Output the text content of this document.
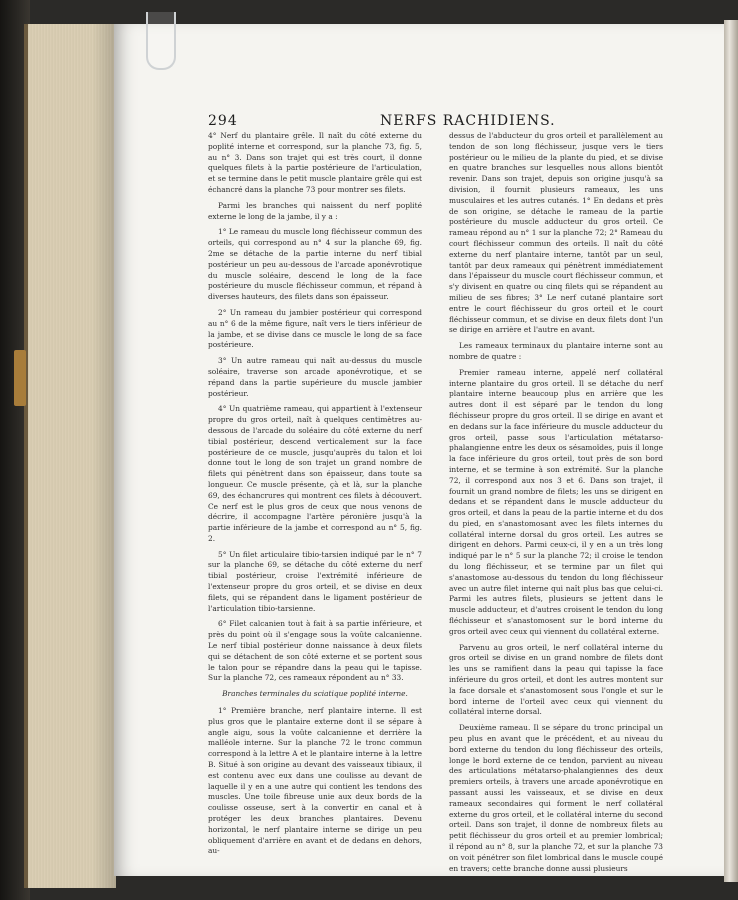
294	NERFS RACHIDIENS.

4° Nerf du plantaire grêle. Il naît du côté externe du poplité interne et correspond, sur la planche 73, fig. 5, au n° 3. Dans son trajet qui est très court, il donne quelques filets à la partie postérieure de l'articulation, et se termine dans le petit muscle plantaire grêle qui est échancré dans la planche 73 pour montrer ses filets.

Parmi les branches qui naissent du nerf poplité externe le long de la jambe, il y a :

1° Le rameau du muscle long fléchisseur commun des orteils, qui correspond au n° 4 sur la planche 69, fig. 2me se détache de la partie interne du nerf tibial postérieur un peu au-dessous de l'arcade aponévrotique du muscle soléaire, descend le long de la face postérieure du muscle fléchisseur commun, et répand à diverses hauteurs, des filets dans son épaisseur.

2° Un rameau du jambier postérieur qui correspond au n° 6 de la même figure, naît vers le tiers inférieur de la jambe, et se divise dans ce muscle le long de sa face postérieure.

3° Un autre rameau qui naît au-dessus du muscle soléaire, traverse son arcade aponévrotique, et se répand dans la partie supérieure du muscle jambier postérieur.

4° Un quatrième rameau, qui appartient à l'extenseur propre du gros orteil, naît à quelques centimètres au-dessous de l'arcade du soléaire du côté externe du nerf tibial postérieur, descend verticalement sur la face postérieure de ce muscle, jusqu'auprès du talon et loi donne tout le long de son trajet un grand nombre de filets qui pénètrent dans son épaisseur, dans toute sa longueur. Ce muscle présente, çà et là, sur la planche 69, des échancrures qui montrent ces filets à découvert. Ce nerf est le plus gros de ceux que nous venons de décrire, il accompagne l'artère péronière jusqu'à la partie inférieure de la jambe et correspond au n° 5, fig. 2.

5° Un filet articulaire tibio-tarsien indiqué par le n° 7 sur la planche 69, se détache du côté externe du nerf tibial postérieur, croise l'extrémité inférieure de l'extenseur propre du gros orteil, et se divise en deux filets, qui se répandent dans le ligament postérieur de l'articulation tibio-tarsienne.

6° Filet calcanien tout à fait à sa partie inférieure, et près du point où il s'engage sous la voûte calcanienne. Le nerf tibial postérieur donne naissance à deux filets qui se détachent de son côté externe et se portent sous le talon pour se répandre dans la peau qui le tapisse. Sur la planche 72, ces rameaux répondent au n° 33.

Branches terminales du sciatique poplité interne.

1° Première branche, nerf plantaire interne. Il est plus gros que le plantaire externe dont il se sépare à angle aigu, sous la voûte calcanienne et derrière la malléole interne. Sur la planche 72 le tronc commun correspond à la lettre A et le plantaire interne à la lettre B. Situé à son origine au devant des vaisseaux tibiaux, il est contenu avec eux dans une coulisse au devant de laquelle il y en a une autre qui contient les tendons des muscles. Une toile fibreuse unie aux deux bords de la coulisse osseuse, sert à la convertir en canal et à protéger les deux branches plantaires. Devenu horizontal, le nerf plantaire interne se dirige un peu obliquement d'arrière en avant et de dedans en dehors, au-

dessus de l'abducteur du gros orteil et parallèlement au tendon de son long fléchisseur, jusque vers le tiers postérieur ou le milieu de la plante du pied, et se divise en quatre branches sur lesquelles nous allons bientôt revenir. Dans son trajet, depuis son origine jusqu'à sa division, il fournit plusieurs rameaux, les uns musculaires et les autres cutanés. 1° En dedans et près de son origine, se détache le rameau de la partie postérieure du muscle adducteur du gros orteil. Ce rameau répond au n° 1 sur la planche 72; 2° Rameau du court fléchisseur commun des orteils. Il naît du côté externe du nerf plantaire interne, tantôt par un seul, tantôt par deux rameaux qui pénètrent immédiatement dans l'épaisseur du muscle court fléchisseur commun, et s'y divisent en quatre ou cinq filets qui se répandent au milieu de ses fibres; 3° Le nerf cutané plantaire sort entre le court fléchisseur du gros orteil et le court fléchisseur commun, et se divise en deux filets dont l'un se dirige en arrière et l'autre en avant.

Les rameaux terminaux du plantaire interne sont au nombre de quatre :

Premier rameau interne, appelé nerf collatéral interne plantaire du gros orteil. Il se détache du nerf plantaire interne beaucoup plus en arrière que les autres dont il est séparé par le tendon du long fléchisseur propre du gros orteil. Il se dirige en avant et en dedans sur la face inférieure du muscle adducteur du gros orteil, passe sous l'articulation métatarso-phalangienne entre les deux os sésamoïdes, puis il longe la face inférieure du gros orteil, tout près de son bord interne, et se termine à son extrémité. Sur la planche 72, il correspond aux nos 3 et 6. Dans son trajet, il fournit un grand nombre de filets; les uns se dirigent en dedans et se répandent dans le muscle adducteur du gros orteil, et dans la peau de la partie interne et du dos du pied, en s'anastomosant avec les filets internes du collatéral interne dorsal du gros orteil. Les autres se dirigent en dehors. Parmi ceux-ci, il y en a un très long indiqué par le n° 5 sur la planche 72; il croise le tendon du long fléchisseur, et se termine par un filet qui s'anastomose au-dessous du tendon du long fléchisseur avec un autre filet interne qui naît plus bas que celui-ci. Parmi les autres filets, plusieurs se jettent dans le muscle adducteur, et d'autres croisent le tendon du long fléchisseur et s'anastomosent sur le bord interne du gros orteil avec ceux qui viennent du collatéral externe.

Parvenu au gros orteil, le nerf collatéral interne du gros orteil se divise en un grand nombre de filets dont les uns se ramifient dans la peau qui tapisse la face inférieure du gros orteil, et dont les autres montent sur la face dorsale et s'anastomosent sous l'ongle et sur le bord interne de l'orteil avec ceux qui viennent du collatéral interne dorsal.

Deuxième rameau. Il se sépare du tronc principal un peu plus en avant que le précédent, et au niveau du bord externe du tendon du long fléchisseur des orteils, longe le bord externe de ce tendon, parvient au niveau des articulations métatarso-phalangiennes des deux premiers orteils, à travers une arcade aponévrotique en passant aussi les vaisseaux, et se divise en deux rameaux secondaires qui forment le nerf collatéral externe du gros orteil, et le collatéral interne du second orteil. Dans son trajet, il donne de nombreux filets au petit fléchisseur du gros orteil et au premier lombrical; il répond au n° 8, sur la planche 72, et sur la planche 73 on voit pénétrer son filet lombrical dans le muscle coupé en travers; cette branche donne aussi plusieurs
